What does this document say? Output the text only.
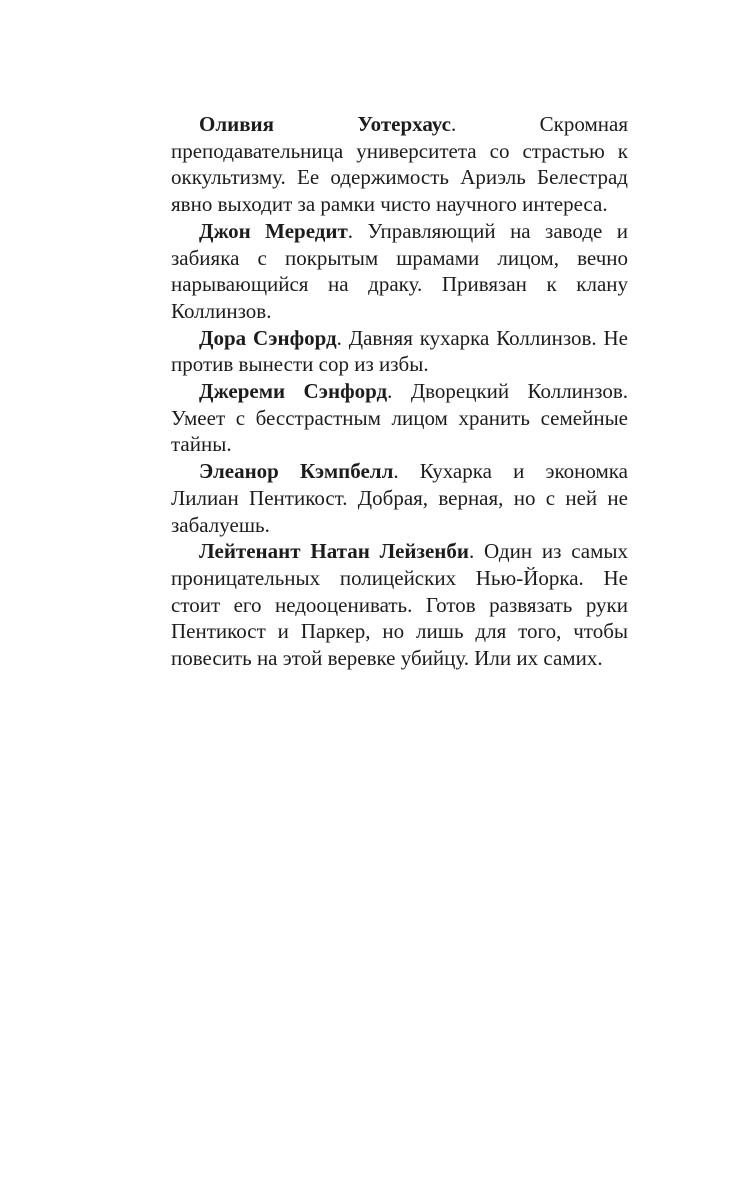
Оливия Уотерхаус. Скромная преподавательница университета со страстью к оккультизму. Ее одержимость Ариэль Белестрад явно выходит за рамки чисто научного интереса.

Джон Мередит. Управляющий на заводе и забияка с покрытым шрамами лицом, вечно нарывающийся на драку. Привязан к клану Коллинзов.

Дора Сэнфорд. Давняя кухарка Коллинзов. Не против вынести сор из избы.

Джереми Сэнфорд. Дворецкий Коллинзов. Умеет с бесстрастным лицом хранить семейные тайны.

Элеанор Кэмпбелл. Кухарка и экономка Лилиан Пентикост. Добрая, верная, но с ней не забалуешь.

Лейтенант Натан Лейзенби. Один из самых проницательных полицейских Нью-Йорка. Не стоит его недооценивать. Готов развязать руки Пентикост и Паркер, но лишь для того, чтобы повесить на этой веревке убийцу. Или их самих.
